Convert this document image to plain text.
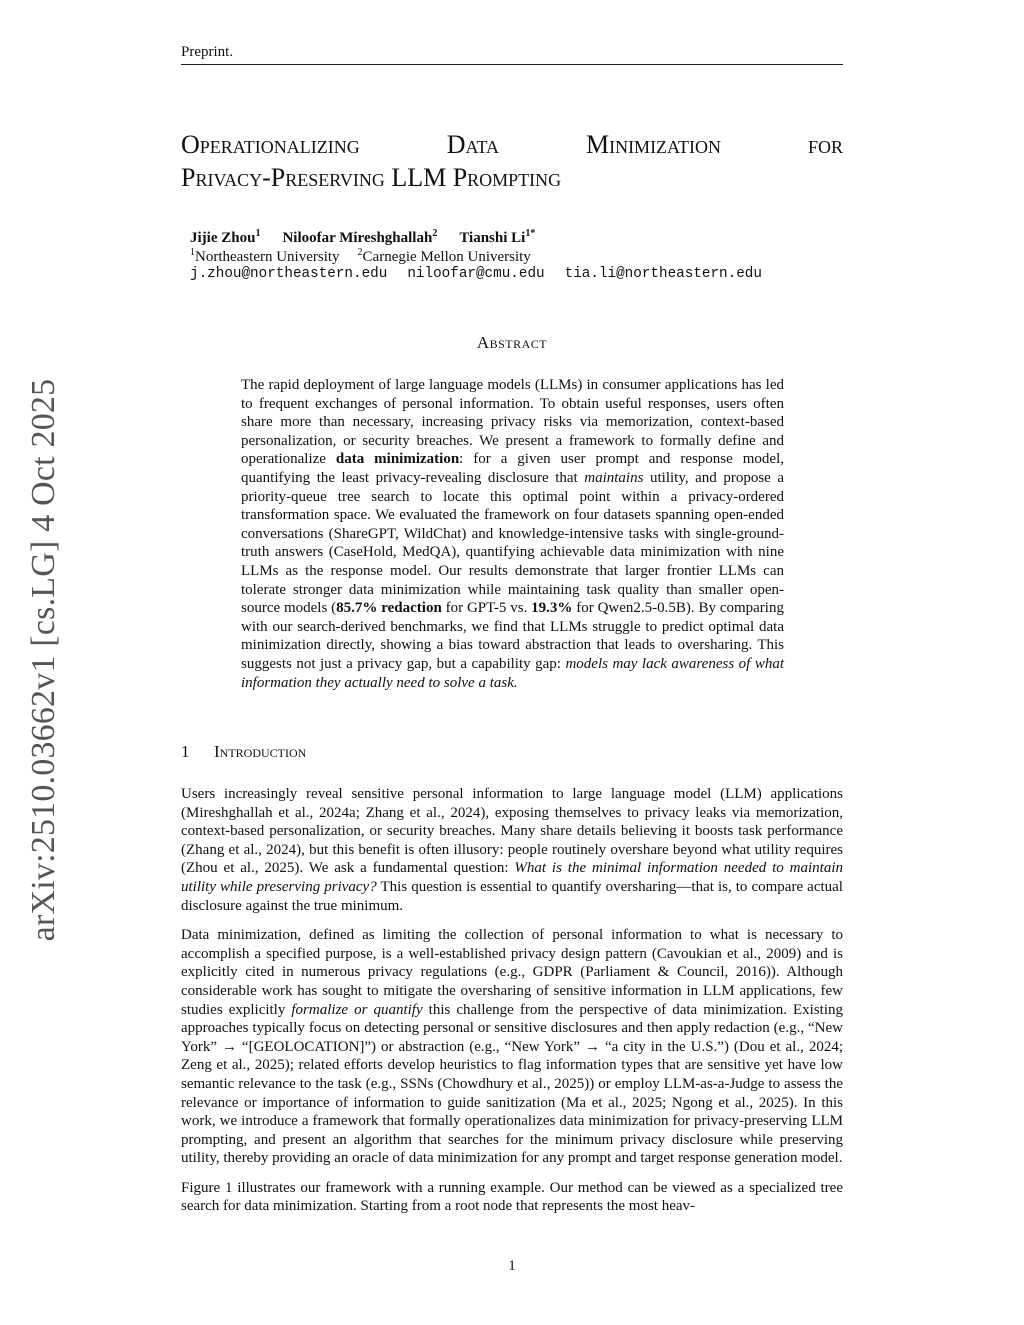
Preprint.
arXiv:2510.03662v1 [cs.LG] 4 Oct 2025
Operationalizing	Data	Minimization	for
Privacy-Preserving LLM Prompting
Jijie Zhou$^1$ Niloofar Mireshghallah$^2$ Tianshi $Li^{1*}$
$^1$Northeastern University $^2$Carnegie Mellon University
j.zhou@northeastern.edu niloofar@cmu.edu tia.li@northeastern.edu
Abstract
The rapid deployment of large language models (LLMs) in consumer applications has led to frequent exchanges of personal information. To obtain useful responses, users often share more than necessary, increasing privacy risks via memorization, context-based personalization, or security breaches. We present a framework to formally define and operationalize data minimization: for a given user prompt and response model, quantifying the least privacy-revealing disclosure that maintains utility, and propose a priority-queue tree search to locate this optimal point within a privacy-ordered transformation space. We evaluated the framework on four datasets spanning open-ended conversations (ShareGPT, WildChat) and knowledge-intensive tasks with single-ground-truth answers (CaseHold, MedQA), quantifying achievable data minimization with nine LLMs as the response model. Our results demonstrate that larger frontier LLMs can tolerate stronger data minimization while maintaining task quality than smaller open-source models (85.7% redaction for GPT-5 vs. 19.3% for Qwen2.5-0.5B). By comparing with our search-derived benchmarks, we find that LLMs struggle to predict optimal data minimization directly, showing a bias toward abstraction that leads to oversharing. This suggests not just a privacy gap, but a capability gap: models may lack awareness of what information they actually need to solve a task.
1 Introduction

Users increasingly reveal sensitive personal information to large language model (LLM) applications (Mireshghallah et al., 2024a; Zhang et al., 2024), exposing themselves to privacy leaks via memorization, context-based personalization, or security breaches. Many share details believing it boosts task performance (Zhang et al., 2024), but this benefit is often illusory: people routinely overshare beyond what utility requires (Zhou et al., 2025). We ask a fundamental question: What is the minimal information needed to maintain utility while preserving privacy? This question is essential to quantify oversharing—that is, to compare actual disclosure against the true minimum.

Data minimization, defined as limiting the collection of personal information to what is necessary to accomplish a specified purpose, is a well-established privacy design pattern (Cavoukian et al., 2009) and is explicitly cited in numerous privacy regulations (e.g., GDPR (Parliament & Council, 2016)). Although considerable work has sought to mitigate the oversharing of sensitive information in LLM applications, few studies explicitly formalize or quantify this challenge from the perspective of data minimization. Existing approaches typically focus on detecting personal or sensitive disclosures and then apply redaction (e.g., “New York” → “[GEOLOCATION]”) or abstraction (e.g., “New York” → “a city in the U.S.”) (Dou et al., 2024; Zeng et al., 2025); related efforts develop heuristics to flag information types that are sensitive yet have low semantic relevance to the task (e.g., SSNs (Chowdhury et al., 2025)) or employ LLM-as-a-Judge to assess the relevance or importance of information to guide sanitization (Ma et al., 2025; Ngong et al., 2025). In this work, we introduce a framework that formally operationalizes data minimization for privacy-preserving LLM prompting, and present an algorithm that searches for the minimum privacy disclosure while preserving utility, thereby providing an oracle of data minimization for any prompt and target response generation model.

Figure 1 illustrates our framework with a running example. Our method can be viewed as a specialized tree search for data minimization. Starting from a root node that represents the most heav-

1
